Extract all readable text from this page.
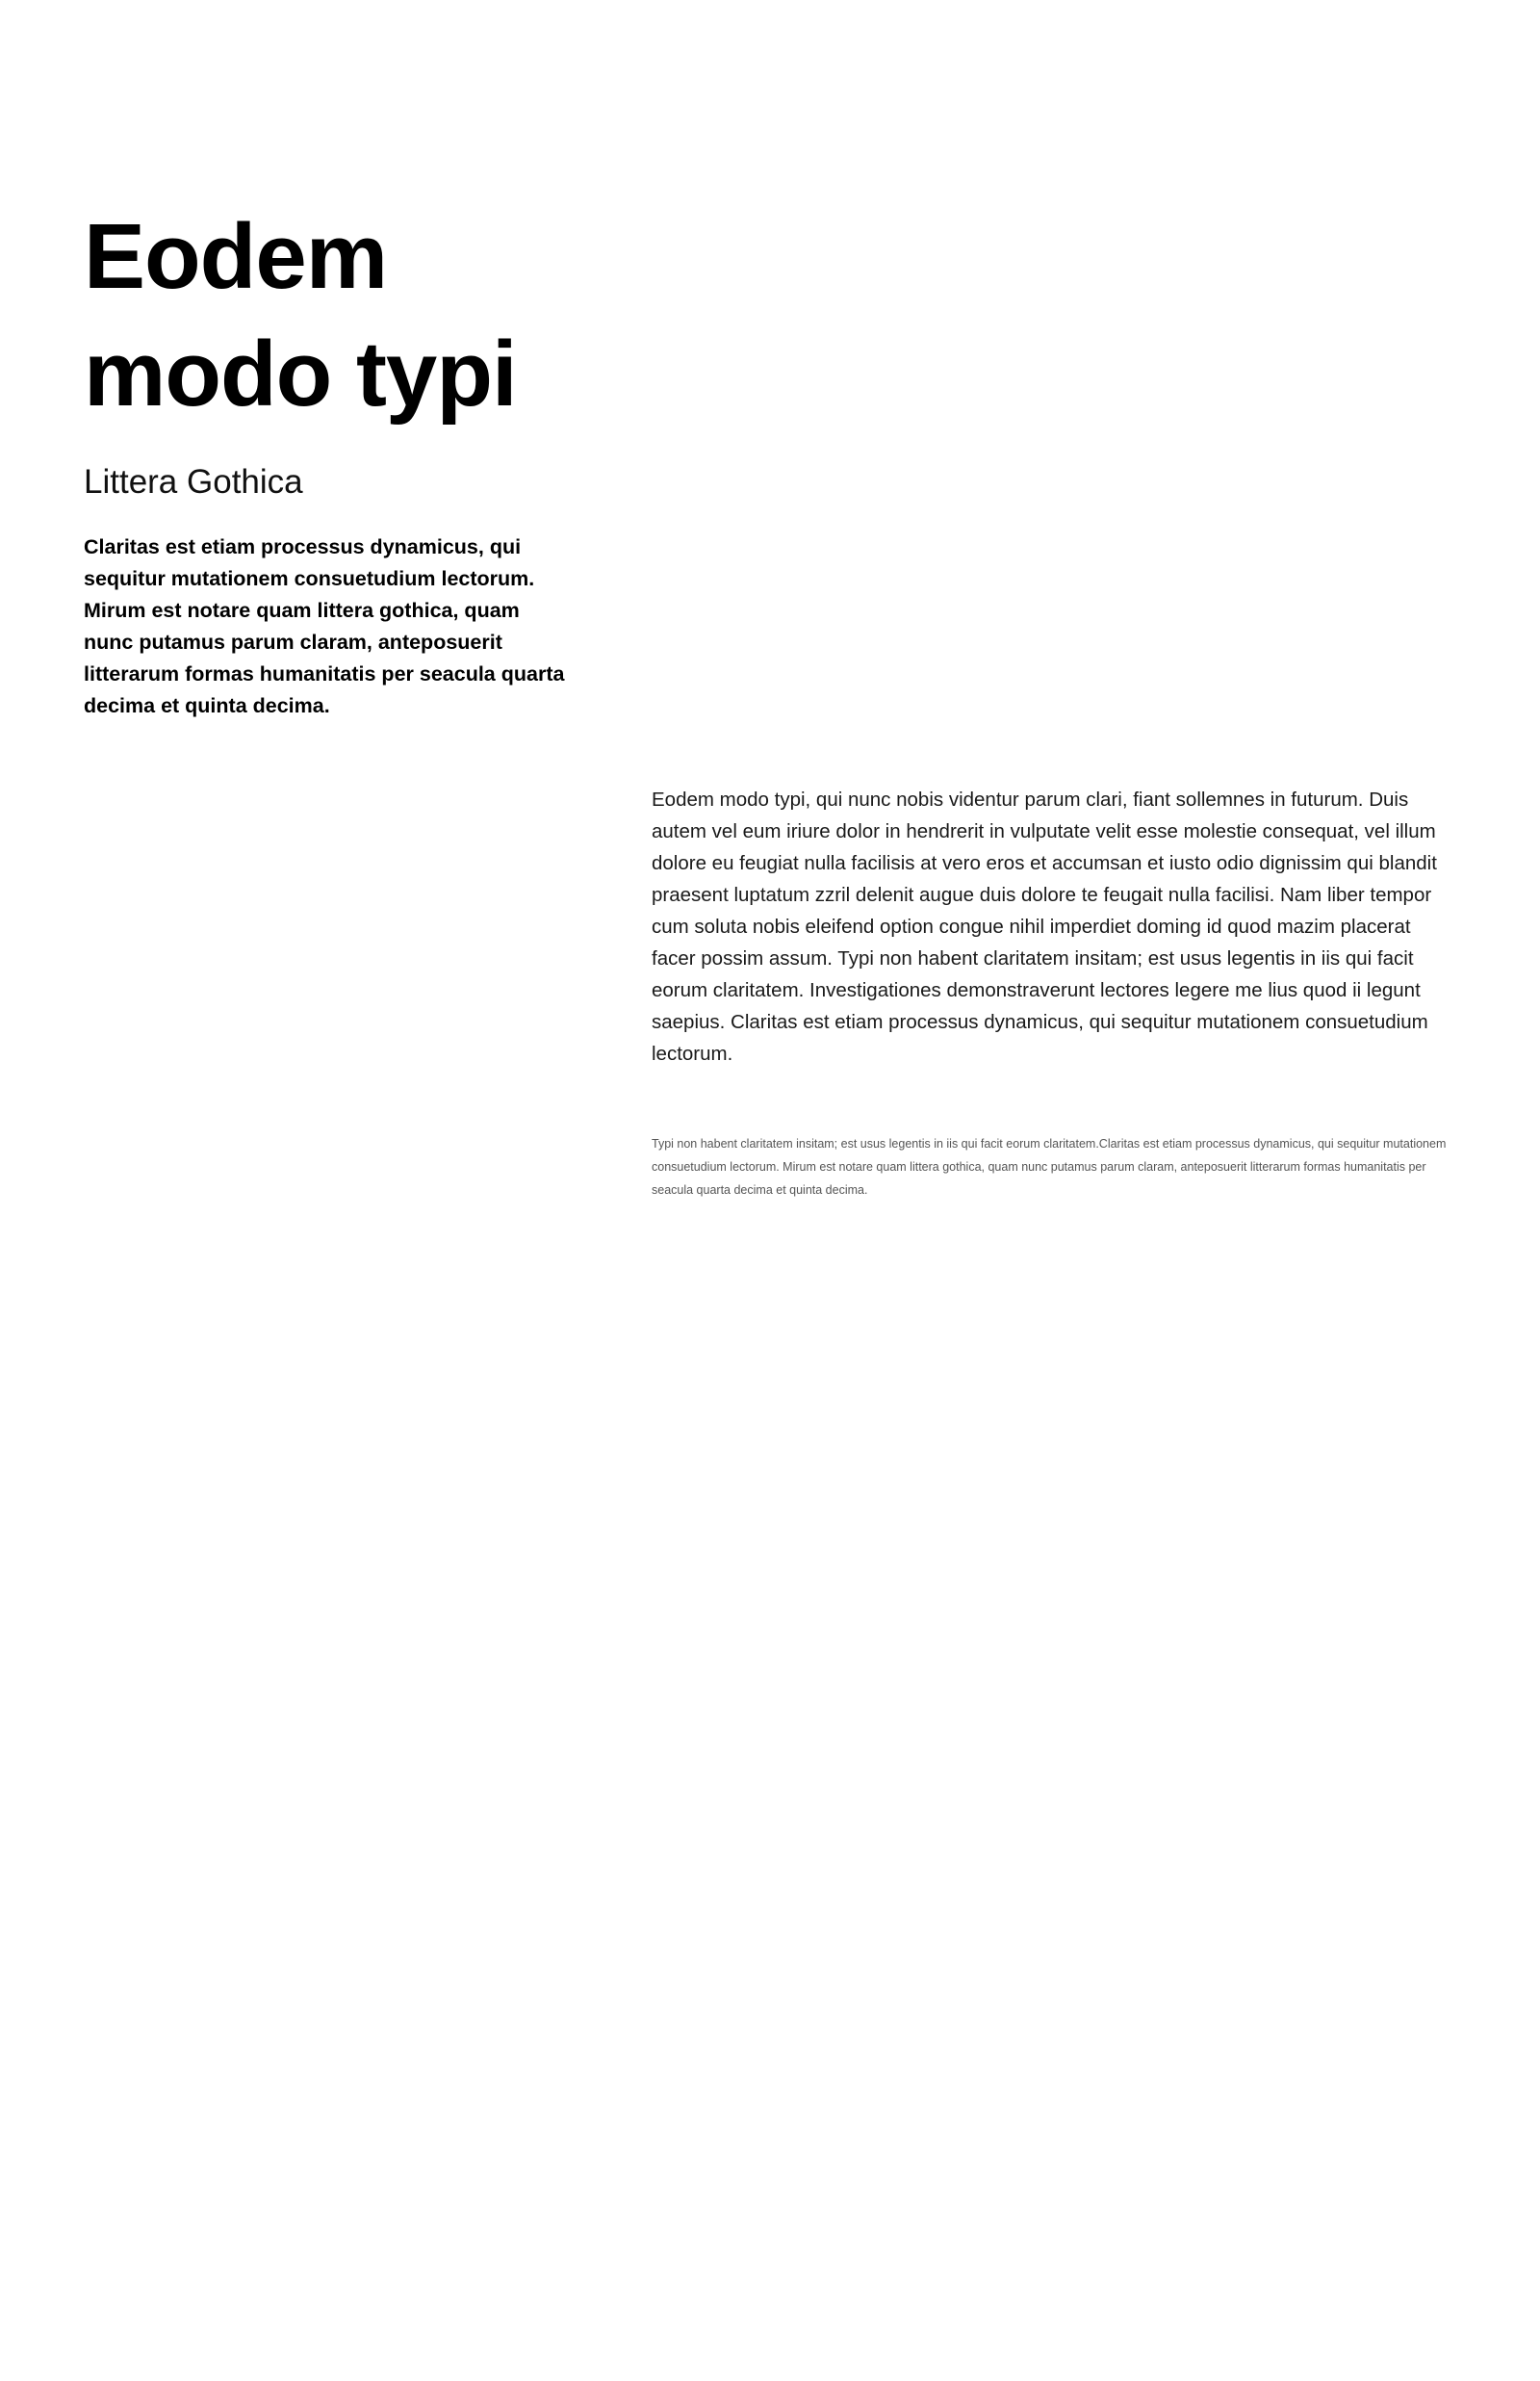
Eodem
modo typi
Littera Gothica

Claritas est etiam processus dynamicus, qui sequitur mutationem consuetudium lectorum. Mirum est notare quam littera gothica, quam nunc putamus parum claram, anteposuerit litterarum formas humanitatis per seacula quarta decima et quinta decima.

Eodem modo typi, qui nunc nobis videntur parum clari, fiant sollemnes in futurum. Duis autem vel eum iriure dolor in hendrerit in vulputate velit esse molestie consequat, vel illum dolore eu feugiat nulla facilisis at vero eros et accumsan et iusto odio dignissim qui blandit praesent luptatum zzril delenit augue duis dolore te feugait nulla facilisi. Nam liber tempor cum soluta nobis eleifend option congue nihil imperdiet doming id quod mazim placerat facer possim assum. Typi non habent claritatem insitam; est usus legentis in iis qui facit eorum claritatem. Investigationes demonstraverunt lectores legere me lius quod ii legunt saepius. Claritas est etiam processus dynamicus, qui sequitur mutationem consuetudium lectorum.

Typi non habent claritatem insitam; est usus legentis in iis qui facit eorum claritatem.Claritas est etiam processus dynamicus, qui sequitur mutationem consuetudium lectorum. Mirum est notare quam littera gothica, quam nunc putamus parum claram, anteposuerit litterarum formas humanitatis per seacula quarta decima et quinta decima.
